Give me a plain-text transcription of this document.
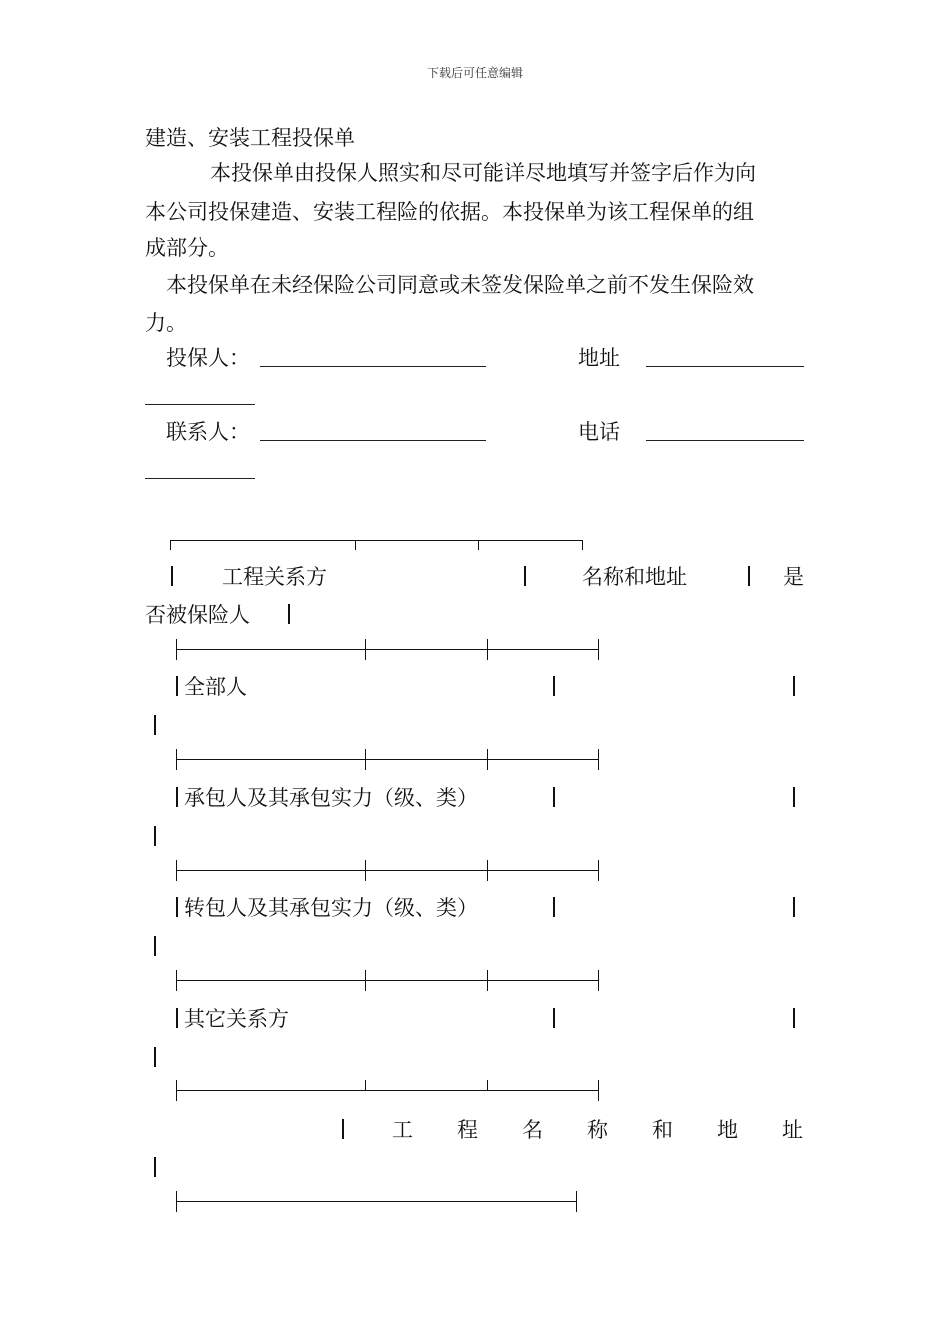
下载后可任意编辑
建造、安装工程投保单
本投保单由投保人照实和尽可能详尽地填写并签字后作为向
本公司投保建造、安装工程险的依据。本投保单为该工程保单的组
成部分。
本投保单在未经保险公司同意或未签发保险单之前不发生保险效
力。
投保人：	地址
联系人：	电话
工程关系方	名称和地址	是
否被保险人
全部人
承包人及其承包实力（级、类）
转包人及其承包实力（级、类）
其它关系方
工程名称和地址
